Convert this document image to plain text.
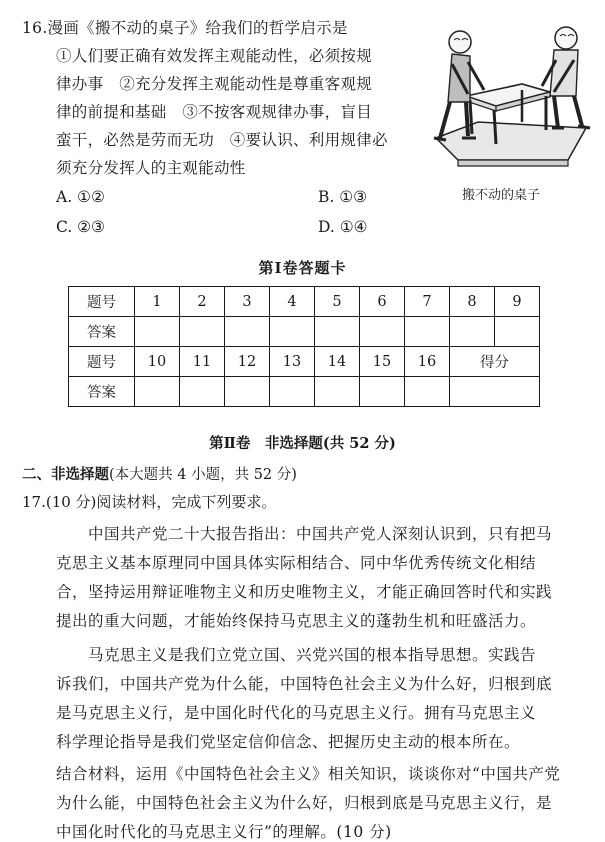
16.漫画《搬不动的桌子》给我们的哲学启示是
①人们要正确有效发挥主观能动性，必须按规
律办事　②充分发挥主观能动性是尊重客观规
律的前提和基础　③不按客观规律办事，盲目
蛮干，必然是劳而无功　④要认识、利用规律必
须充分发挥人的主观能动性
A. ①②	B. ①③
C. ②③	D. ①④
搬不动的桌子
第Ⅰ卷答题卡
题号	1	2	3	4	5	6	7	8	9
答案									
题号	10	11	12	13	14	15	16	得分	
答案									
第Ⅱ卷　非选择题(共 52 分)
二、非选择题(本大题共 4 小题，共 52 分)
17.(10 分)阅读材料，完成下列要求。
中国共产党二十大报告指出：中国共产党人深刻认识到，只有把马
克思主义基本原理同中国具体实际相结合、同中华优秀传统文化相结
合，坚持运用辩证唯物主义和历史唯物主义，才能正确回答时代和实践
提出的重大问题，才能始终保持马克思主义的蓬勃生机和旺盛活力。
马克思主义是我们立党立国、兴党兴国的根本指导思想。实践告
诉我们，中国共产党为什么能，中国特色社会主义为什么好，归根到底
是马克思主义行，是中国化时代化的马克思主义行。拥有马克思主义
科学理论指导是我们党坚定信仰信念、把握历史主动的根本所在。
结合材料，运用《中国特色社会主义》相关知识，谈谈你对“中国共产党
为什么能，中国特色社会主义为什么好，归根到底是马克思主义行，是
中国化时代化的马克思主义行”的理解。(10 分)
